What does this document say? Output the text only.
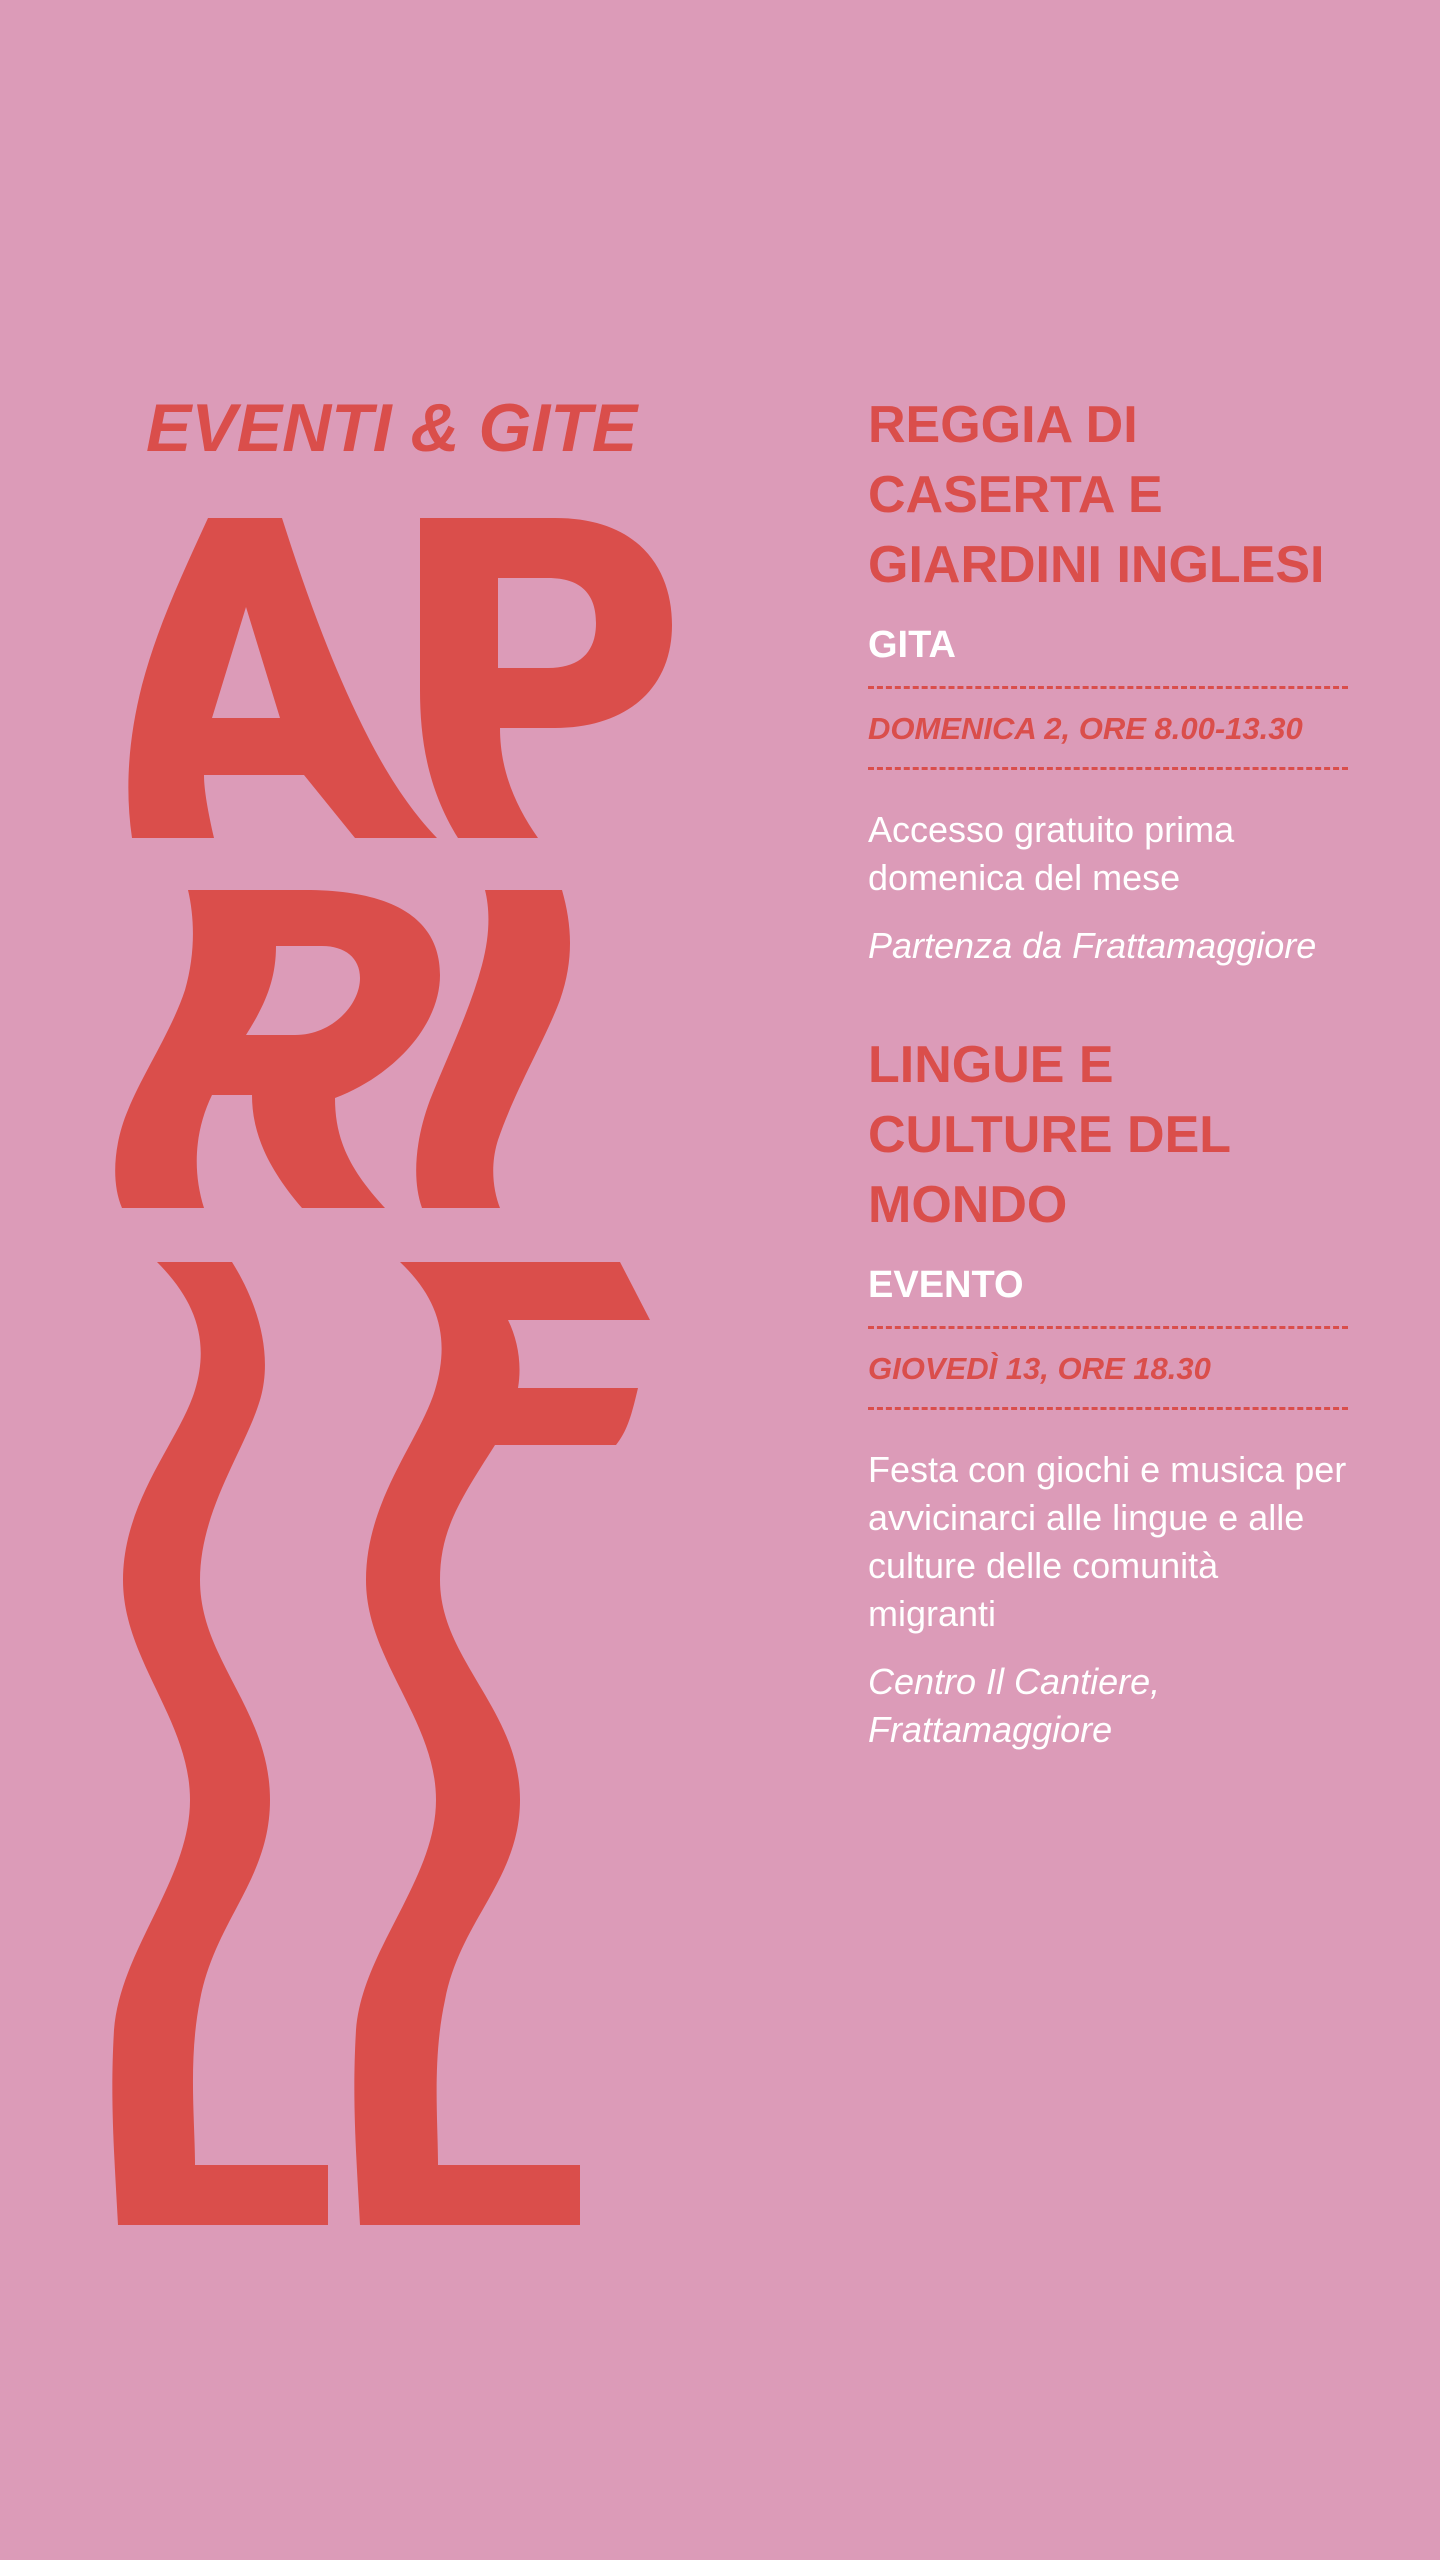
EVENTI & GITE	REGGIA DI CASERTA E GIARDINI INGLESI
GITA
DOMENICA 2, ORE 8.00-13.30

Accesso gratuito prima domenica del mese

Partenza da Frattamaggiore

LINGUE E CULTURE DEL MONDO
EVENTO
GIOVEDÌ 13, ORE 18.30

Festa con giochi e musica per avvicinarci alle lingue e alle culture delle comunità migranti

Centro Il Cantiere, Frattamaggiore
